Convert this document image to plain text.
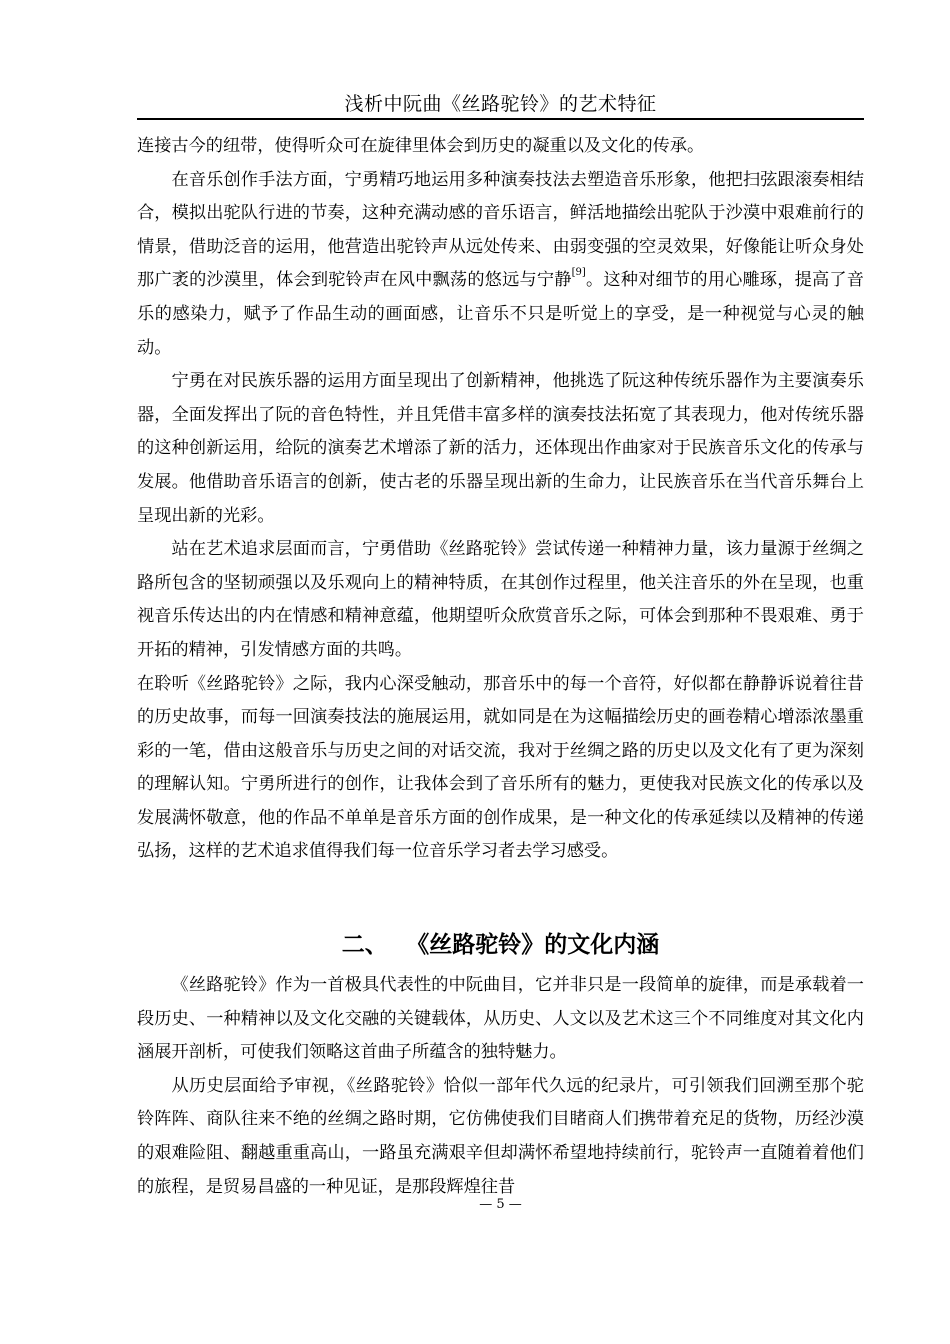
浅析中阮曲《丝路驼铃》的艺术特征

连接古今的纽带，使得听众可在旋律里体会到历史的凝重以及文化的传承。

在音乐创作手法方面，宁勇精巧地运用多种演奏技法去塑造音乐形象，他把扫弦跟滚奏相结合，模拟出驼队行进的节奏，这种充满动感的音乐语言，鲜活地描绘出驼队于沙漠中艰难前行的情景，借助泛音的运用，他营造出驼铃声从远处传来、由弱变强的空灵效果，好像能让听众身处那广袤的沙漠里，体会到驼铃声在风中飘荡的悠远与宁静[9]。这种对细节的用心雕琢，提高了音乐的感染力，赋予了作品生动的画面感，让音乐不只是听觉上的享受，是一种视觉与心灵的触动。

宁勇在对民族乐器的运用方面呈现出了创新精神，他挑选了阮这种传统乐器作为主要演奏乐器，全面发挥出了阮的音色特性，并且凭借丰富多样的演奏技法拓宽了其表现力，他对传统乐器的这种创新运用，给阮的演奏艺术增添了新的活力，还体现出作曲家对于民族音乐文化的传承与发展。他借助音乐语言的创新，使古老的乐器呈现出新的生命力，让民族音乐在当代音乐舞台上呈现出新的光彩。

站在艺术追求层面而言，宁勇借助《丝路驼铃》尝试传递一种精神力量，该力量源于丝绸之路所包含的坚韧顽强以及乐观向上的精神特质，在其创作过程里，他关注音乐的外在呈现，也重视音乐传达出的内在情感和精神意蕴，他期望听众欣赏音乐之际，可体会到那种不畏艰难、勇于开拓的精神，引发情感方面的共鸣。

在聆听《丝路驼铃》之际，我内心深受触动，那音乐中的每一个音符，好似都在静静诉说着往昔的历史故事，而每一回演奏技法的施展运用，就如同是在为这幅描绘历史的画卷精心增添浓墨重彩的一笔，借由这般音乐与历史之间的对话交流，我对于丝绸之路的历史以及文化有了更为深刻的理解认知。宁勇所进行的创作，让我体会到了音乐所有的魅力，更使我对民族文化的传承以及发展满怀敬意，他的作品不单单是音乐方面的创作成果，是一种文化的传承延续以及精神的传递弘扬，这样的艺术追求值得我们每一位音乐学习者去学习感受。

二、 《丝路驼铃》的文化内涵

《丝路驼铃》作为一首极具代表性的中阮曲目，它并非只是一段简单的旋律，而是承载着一段历史、一种精神以及文化交融的关键载体，从历史、人文以及艺术这三个不同维度对其文化内涵展开剖析，可使我们领略这首曲子所蕴含的独特魅力。

从历史层面给予审视，《丝路驼铃》恰似一部年代久远的纪录片，可引领我们回溯至那个驼铃阵阵、商队往来不绝的丝绸之路时期，它仿佛使我们目睹商人们携带着充足的货物，历经沙漠的艰难险阻、翻越重重高山，一路虽充满艰辛但却满怀希望地持续前行，驼铃声一直随着着他们的旅程，是贸易昌盛的一种见证，是那段辉煌往昔

— 5 —
